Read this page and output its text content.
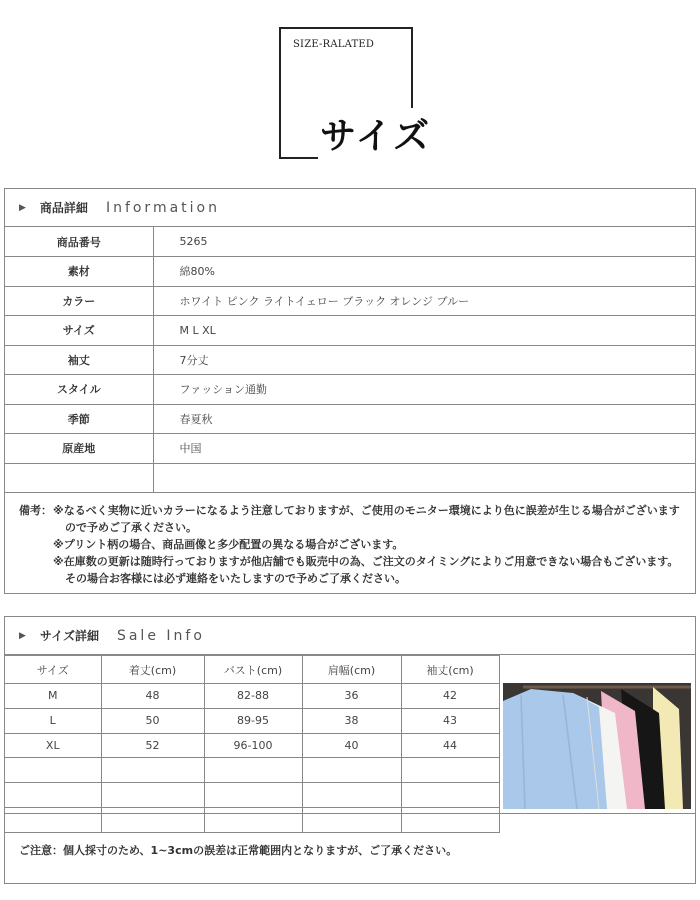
SIZE-RALATED
サイズ
▶ 商品詳細 Information
商品番号	5265
素材	綿80%
カラー	ホワイト ピンク ライトイェロー ブラック オレンジ ブルー
サイズ	M L XL
袖丈	7分丈
スタイル	ファッション通勤
季節	春夏秋
原産地	中国

備考： ※なるべく実物に近いカラーになるよう注意しておりますが、ご使用のモニター環境により色に誤差が生じる場合がございます
ので予めご了承ください。
※プリント柄の場合、商品画像と多少配置の異なる場合がございます。
※在庫数の更新は随時行っておりますが他店舗でも販売中の為、ご注文のタイミングによりご用意できない場合もございます。
その場合お客様には必ず連絡をいたしますので予めご了承ください。
▶ サイズ詳細 Sale Info
サイズ	着丈(cm)	バスト(cm)	肩幅(cm)	袖丈(cm)
M	48	82-88	36	42
L	50	89-95	38	43
XL	52	96-100	40	44

ご注意：個人採寸のため、1~3cmの誤差は正常範囲内となりますが、ご了承ください。
